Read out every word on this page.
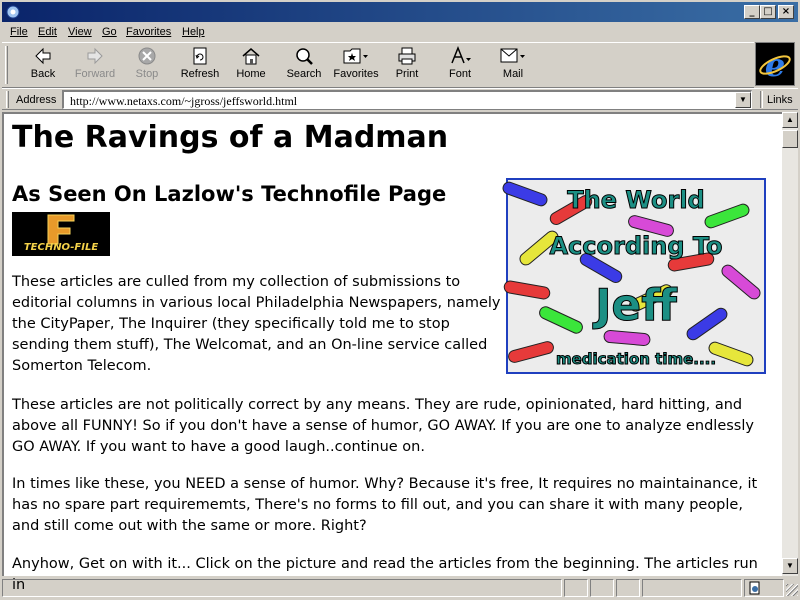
_ □ ×
File Edit View Go Favorites Help
Back	Forward	Stop	Refresh	Home	Search	Favorites	Print	Font	Mail	e
Address http://www.netaxs.com/~jgross/jeffsworld.html	▼	Links
The Ravings of a Madman
As Seen On Lazlow's Technofile Page
TECHNO-FILE
The World
According To
Jeff
medication time....

These articles are culled from my collection of submissions to editorial columns in various local Philadelphia Newspapers, namely the CityPaper, The Inquirer (they specifically told me to stop sending them stuff), The Welcomat, and an On-line service called Somerton Telecom.

These articles are not politically correct by any means. They are rude, opinionated, hard hitting, and above all FUNNY! So if you don't have a sense of humor, GO AWAY. If you are one to analyze endlessly GO AWAY. If you want to have a good laugh..continue on.

In times like these, you NEED a sense of humor. Why? Because it's free, It requires no maintainance, it has no spare part requirememts, There's no forms to fill out, and you can share it with many people, and still come out with the same or more. Right?

Anyhow, Get on with it... Click on the picture and read the articles from the beginning. The articles run in

▲
▼
